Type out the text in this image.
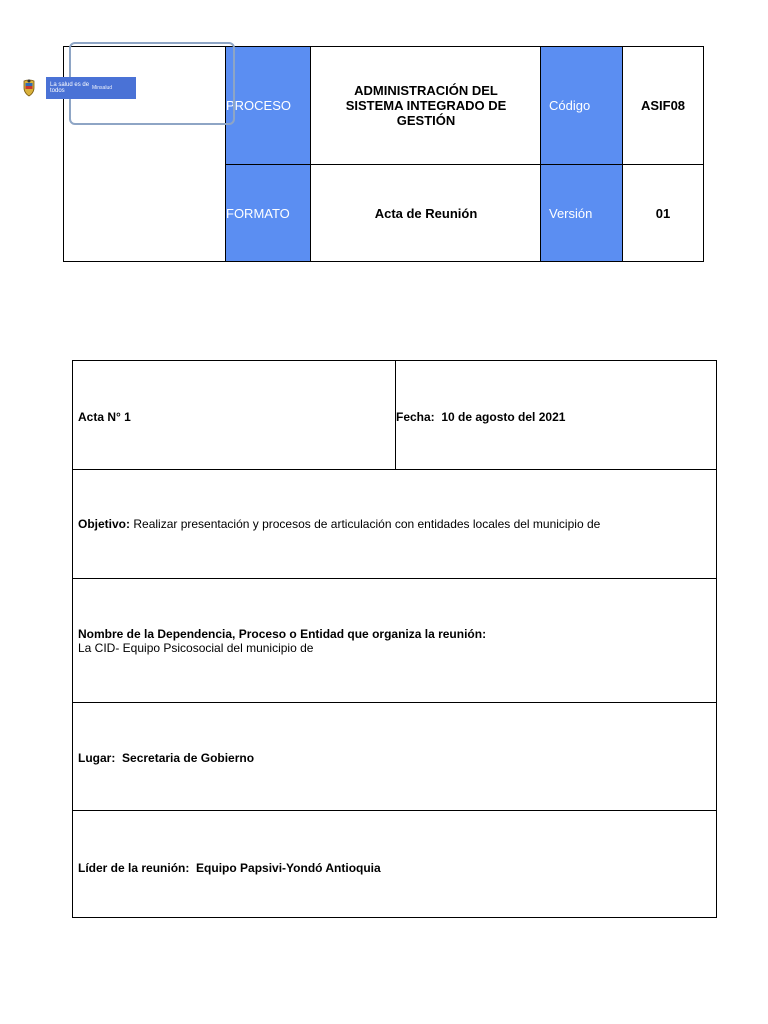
PROCESO
FORMATO
Código
Versión
ADMINISTRACIÓN DEL SISTEMA INTEGRADO DE GESTIÓN
Acta de Reunión
ASIF08
01
La salud es de todos	Minsalud
Acta N° 1	Fecha: 10 de agosto del 2021
Objetivo: Realizar presentación y procesos de articulación con entidades locales del municipio de
Nombre de la Dependencia, Proceso o Entidad que organiza la reunión:
La CID- Equipo Psicosocial del municipio de
Lugar: Secretaria de Gobierno
Líder de la reunión: Equipo Papsivi-Yondó Antioquia
